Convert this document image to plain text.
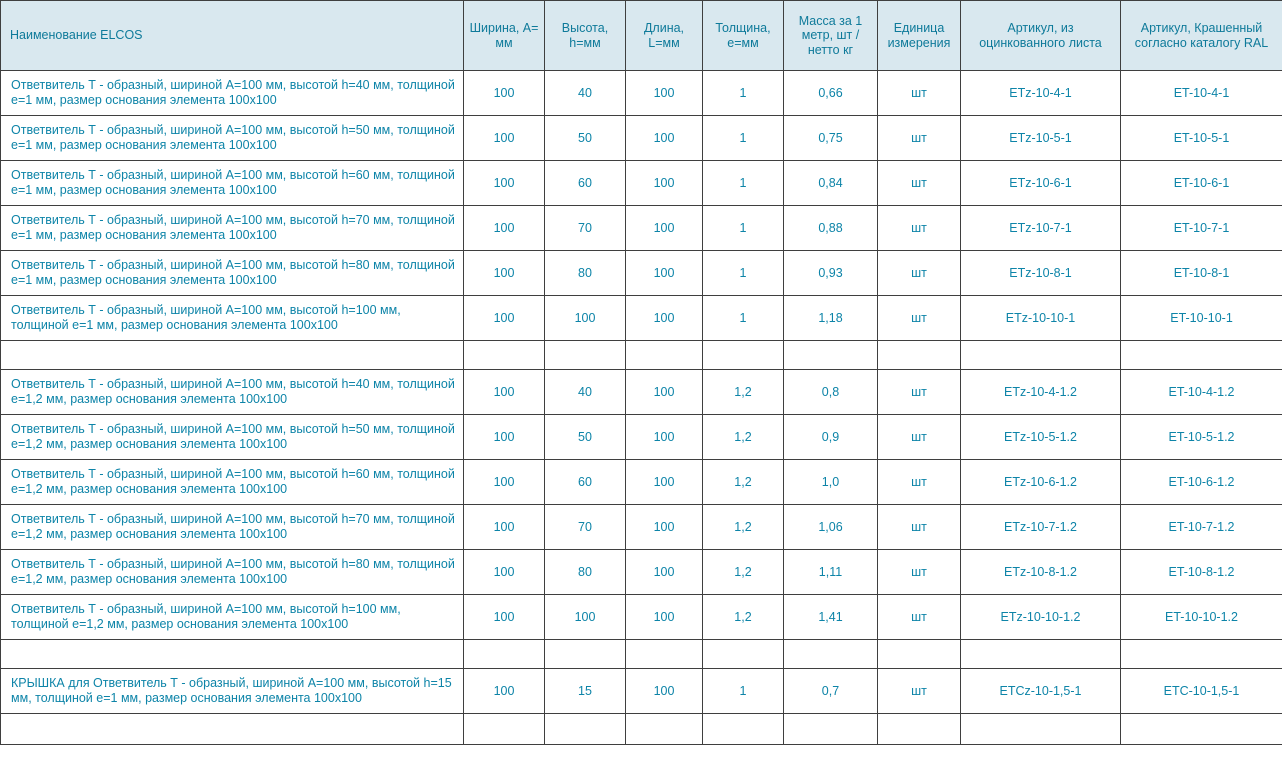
Наименование ELCOS	Ширина, А= мм	Высота, h=мм	Длина, L=мм	Толщина, е=мм	Масса за 1 метр, шт / нетто кг	Единица измерения	Артикул, из оцинкованного листа	Артикул, Крашенный согласно каталогу RAL
Ответвитель Т - образный, шириной А=100 мм, высотой h=40 мм, толщиной е=1 мм, размер основания элемента 100х100	100	40	100	1	0,66	шт	ETz-10-4-1	ET-10-4-1
Ответвитель Т - образный, шириной А=100 мм, высотой h=50 мм, толщиной е=1 мм, размер основания элемента 100х100	100	50	100	1	0,75	шт	ETz-10-5-1	ET-10-5-1
Ответвитель Т - образный, шириной А=100 мм, высотой h=60 мм, толщиной е=1 мм, размер основания элемента 100х100	100	60	100	1	0,84	шт	ETz-10-6-1	ET-10-6-1
Ответвитель Т - образный, шириной А=100 мм, высотой h=70 мм, толщиной е=1 мм, размер основания элемента 100х100	100	70	100	1	0,88	шт	ETz-10-7-1	ET-10-7-1
Ответвитель Т - образный, шириной А=100 мм, высотой h=80 мм, толщиной е=1 мм, размер основания элемента 100х100	100	80	100	1	0,93	шт	ETz-10-8-1	ET-10-8-1
Ответвитель Т - образный, шириной А=100 мм, высотой h=100 мм, толщиной е=1 мм, размер основания элемента 100х100	100	100	100	1	1,18	шт	ETz-10-10-1	ET-10-10-1

Ответвитель Т - образный, шириной А=100 мм, высотой h=40 мм, толщиной е=1,2 мм, размер основания элемента 100х100	100	40	100	1,2	0,8	шт	ETz-10-4-1.2	ET-10-4-1.2
Ответвитель Т - образный, шириной А=100 мм, высотой h=50 мм, толщиной е=1,2 мм, размер основания элемента 100х100	100	50	100	1,2	0,9	шт	ETz-10-5-1.2	ET-10-5-1.2
Ответвитель Т - образный, шириной А=100 мм, высотой h=60 мм, толщиной е=1,2 мм, размер основания элемента 100х100	100	60	100	1,2	1,0	шт	ETz-10-6-1.2	ET-10-6-1.2
Ответвитель Т - образный, шириной А=100 мм, высотой h=70 мм, толщиной е=1,2 мм, размер основания элемента 100х100	100	70	100	1,2	1,06	шт	ETz-10-7-1.2	ET-10-7-1.2
Ответвитель Т - образный, шириной А=100 мм, высотой h=80 мм, толщиной е=1,2 мм, размер основания элемента 100х100	100	80	100	1,2	1,11	шт	ETz-10-8-1.2	ET-10-8-1.2
Ответвитель Т - образный, шириной А=100 мм, высотой h=100 мм, толщиной е=1,2 мм, размер основания элемента 100х100	100	100	100	1,2	1,41	шт	ETz-10-10-1.2	ET-10-10-1.2

КРЫШКА для Ответвитель Т - образный, шириной А=100 мм, высотой h=15 мм, толщиной е=1 мм, размер основания элемента 100х100	100	15	100	1	0,7	шт	ETCz-10-1,5-1	ETC-10-1,5-1
